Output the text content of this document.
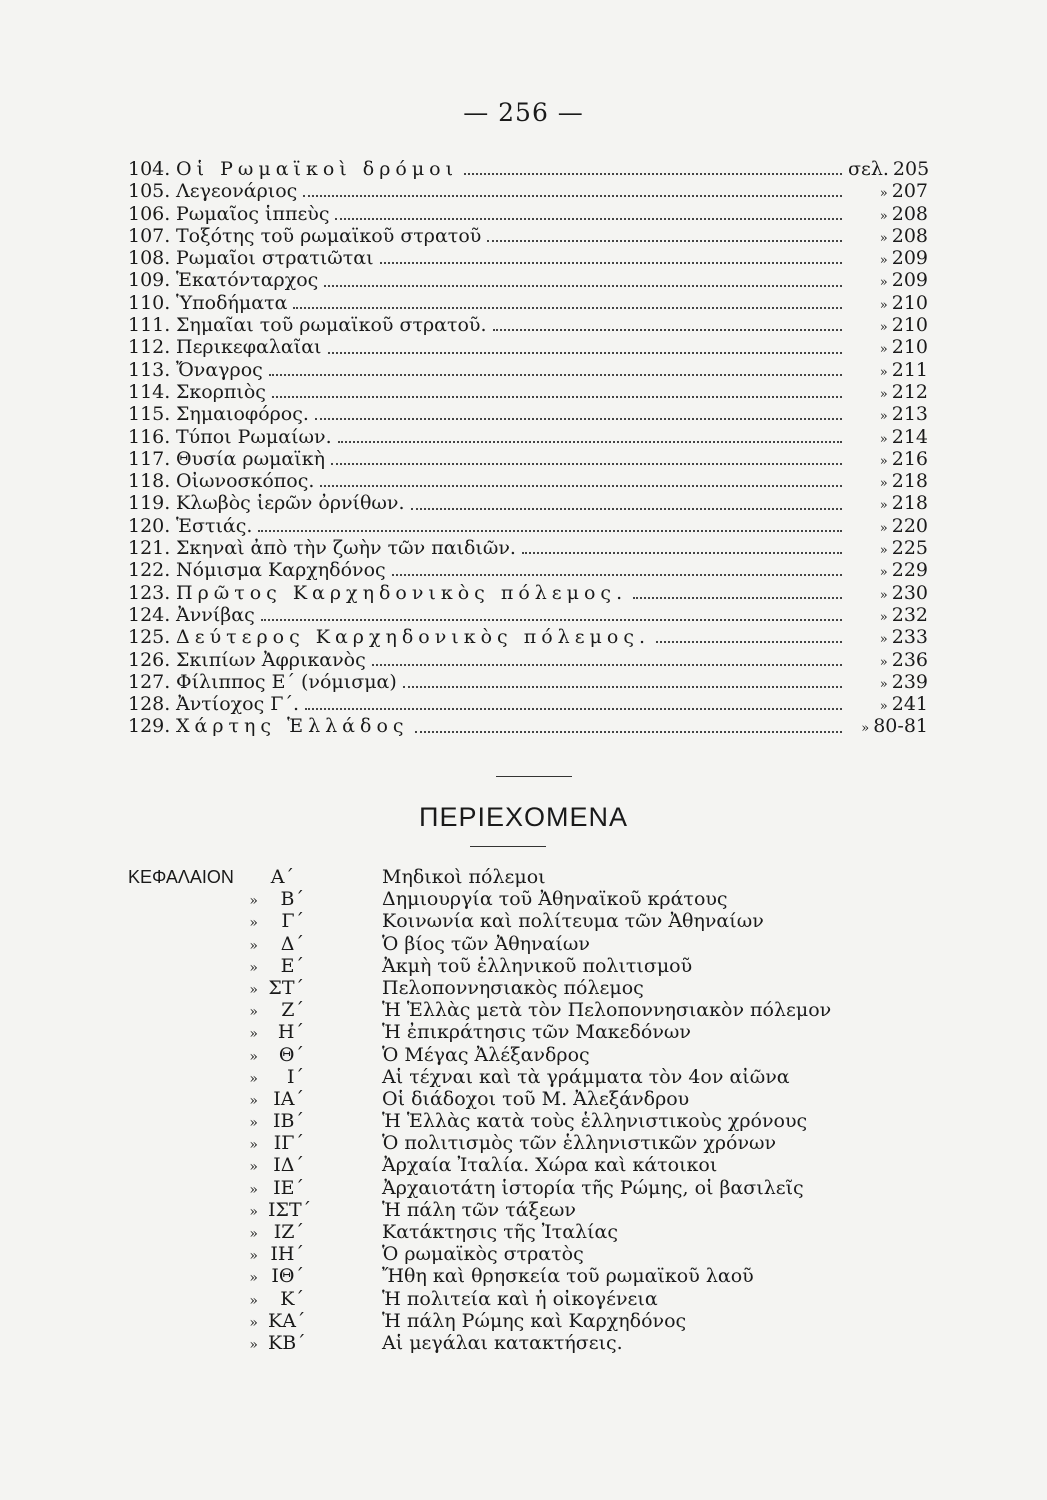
— 256 —
104. Οἱ Ρωμαϊκοὶ δρόμοι	σελ. 205
105. Λεγεονάριος	» 207
106. Ρωμαῖος ἱππεὺς	» 208
107. Τοξότης τοῦ ρωμαϊκοῦ στρατοῦ	» 208
108. Ρωμαῖοι στρατιῶται	» 209
109. Ἑκατόνταρχος	» 209
110. Ὑποδήματα	» 210
111. Σημαῖαι τοῦ ρωμαϊκοῦ στρατοῦ.	» 210
112. Περικεφαλαῖαι	» 210
113. Ὄναγρος	» 211
114. Σκορπιὸς	» 212
115. Σημαιοφόρος.	» 213
116. Τύποι Ρωμαίων.	» 214
117. Θυσία ρωμαϊκὴ	» 216
118. Οἰωνοσκόπος.	» 218
119. Κλωβὸς ἱερῶν ὀρνίθων.	» 218
120. Ἑστιάς.	» 220
121. Σκηναὶ ἀπὸ τὴν ζωὴν τῶν παιδιῶν.	» 225
122. Νόμισμα Καρχηδόνος	» 229
123. Πρῶτος Καρχηδονικὸς πόλεμος.	» 230
124. Ἀννίβας	» 232
125. Δεύτερος Καρχηδονικὸς πόλεμος.	» 233
126. Σκιπίων Ἀφρικανὸς	» 236
127. Φίλιππος Ε΄ (νόμισμα)	» 239
128. Ἀντίοχος Γ΄.	» 241
129. Χάρτης Ἑλλάδος	» 80-81
ΠΕΡΙΕΧΟΜΕΝΑ
ΚΕΦΑΛΑΙΟΝ	Α΄	Μηδικοὶ πόλεμοι
»	Β΄	Δημιουργία τοῦ Ἀθηναϊκοῦ κράτους
»	Γ΄	Κοινωνία καὶ πολίτευμα τῶν Ἀθηναίων
»	Δ΄	Ὁ βίος τῶν Ἀθηναίων
»	Ε΄	Ἀκμὴ τοῦ ἑλληνικοῦ πολιτισμοῦ
» ΣΤ΄	Πελοποννησιακὸς πόλεμος
»	Ζ΄	Ἡ Ἑλλὰς μετὰ τὸν Πελοποννησιακὸν πόλεμον
»	Η΄	Ἡ ἐπικράτησις τῶν Μακεδόνων
»	Θ΄	Ὁ Μέγας Ἀλέξανδρος
»	Ι΄	Αἱ τέχναι καὶ τὰ γράμματα τὸν 4ον αἰῶνα
» ΙΑ΄	Οἱ διάδοχοι τοῦ Μ. Ἀλεξάνδρου
» ΙΒ΄	Ἡ Ἑλλὰς κατὰ τοὺς ἑλληνιστικοὺς χρόνους
» ΙΓ΄	Ὁ πολιτισμὸς τῶν ἑλληνιστικῶν χρόνων
» ΙΔ΄	Ἀρχαία Ἰταλία. Χώρα καὶ κάτοικοι
» ΙΕ΄	Ἀρχαιοτάτη ἱστορία τῆς Ρώμης, οἱ βασιλεῖς
» ΙΣΤ΄	Ἡ πάλη τῶν τάξεων
» ΙΖ΄	Κατάκτησις τῆς Ἰταλίας
» ΙΗ΄	Ὁ ρωμαϊκὸς στρατὸς
» ΙΘ΄	Ἤθη καὶ θρησκεία τοῦ ρωμαϊκοῦ λαοῦ
»	Κ΄	Ἡ πολιτεία καὶ ἡ οἰκογένεια
» ΚΑ΄	Ἡ πάλη Ρώμης καὶ Καρχηδόνος
» ΚΒ΄	Αἱ μεγάλαι κατακτήσεις.
